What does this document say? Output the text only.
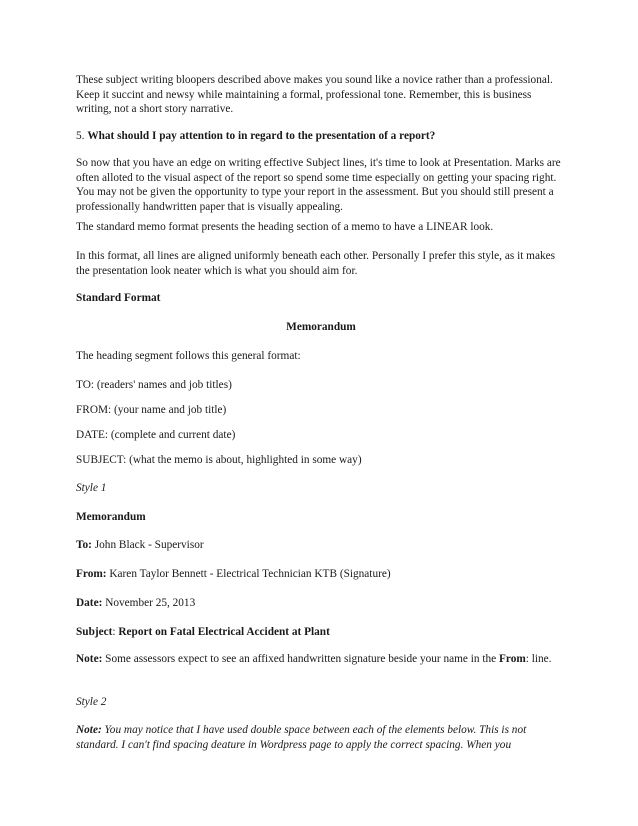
These subject writing bloopers described above makes you sound like a novice rather than a professional. Keep it succint and newsy while maintaining a formal, professional tone. Remember, this is business writing, not a short story narrative.

5. What should I pay attention to in regard to the presentation of a report?

So now that you have an edge on writing effective Subject lines, it's time to look at Presentation. Marks are often alloted to the visual aspect of the report so spend some time especially on getting your spacing right. You may not be given the opportunity to type your report in the assessment. But you should still present a professionally handwritten paper that is visually appealing.

The standard memo format presents the heading section of a memo to have a LINEAR look.

In this format, all lines are aligned uniformly beneath each other. Personally I prefer this style, as it makes the presentation look neater which is what you should aim for.

Standard Format

Memorandum

The heading segment follows this general format:

TO: (readers' names and job titles)

FROM: (your name and job title)

DATE: (complete and current date)

SUBJECT: (what the memo is about, highlighted in some way)

Style 1

Memorandum

To: John Black - Supervisor

From: Karen Taylor Bennett - Electrical Technician KTB (Signature)

Date: November 25, 2013

Subject: Report on Fatal Electrical Accident at Plant

Note: Some assessors expect to see an affixed handwritten signature beside your name in the From: line.

Style 2

Note: You may notice that I have used double space between each of the elements below. This is not standard. I can't find spacing deature in Wordpress page to apply the correct spacing. When you
